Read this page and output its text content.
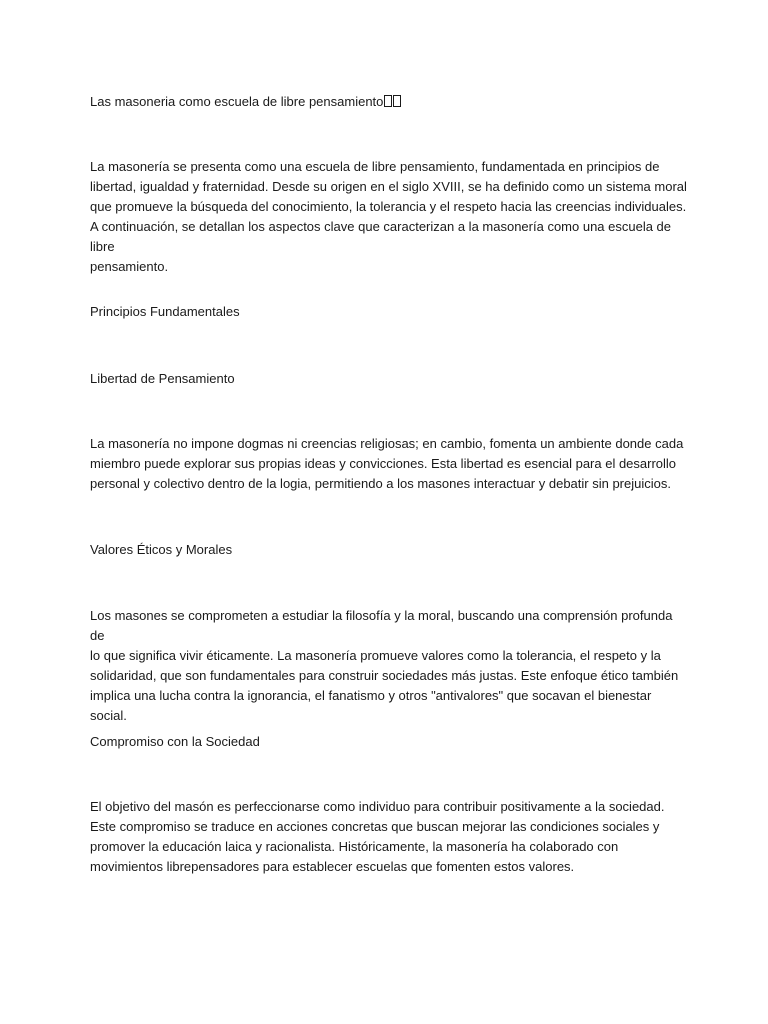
Las masoneria como escuela de libre pensamiento

La masonería se presenta como una escuela de libre pensamiento, fundamentada en principios de
libertad, igualdad y fraternidad. Desde su origen en el siglo XVIII, se ha definido como un sistema moral
que promueve la búsqueda del conocimiento, la tolerancia y el respeto hacia las creencias individuales.
A continuación, se detallan los aspectos clave que caracterizan a la masonería como una escuela de libre
pensamiento.
Principios Fundamentales
Libertad de Pensamiento
La masonería no impone dogmas ni creencias religiosas; en cambio, fomenta un ambiente donde cada
miembro puede explorar sus propias ideas y convicciones. Esta libertad es esencial para el desarrollo
personal y colectivo dentro de la logia, permitiendo a los masones interactuar y debatir sin prejuicios.
Valores Éticos y Morales
Los masones se comprometen a estudiar la filosofía y la moral, buscando una comprensión profunda de
lo que significa vivir éticamente. La masonería promueve valores como la tolerancia, el respeto y la
solidaridad, que son fundamentales para construir sociedades más justas. Este enfoque ético también
implica una lucha contra la ignorancia, el fanatismo y otros "antivalores" que socavan el bienestar social.
Compromiso con la Sociedad
El objetivo del masón es perfeccionarse como individuo para contribuir positivamente a la sociedad.
Este compromiso se traduce en acciones concretas que buscan mejorar las condiciones sociales y
promover la educación laica y racionalista. Históricamente, la masonería ha colaborado con
movimientos librepensadores para establecer escuelas que fomenten estos valores.
